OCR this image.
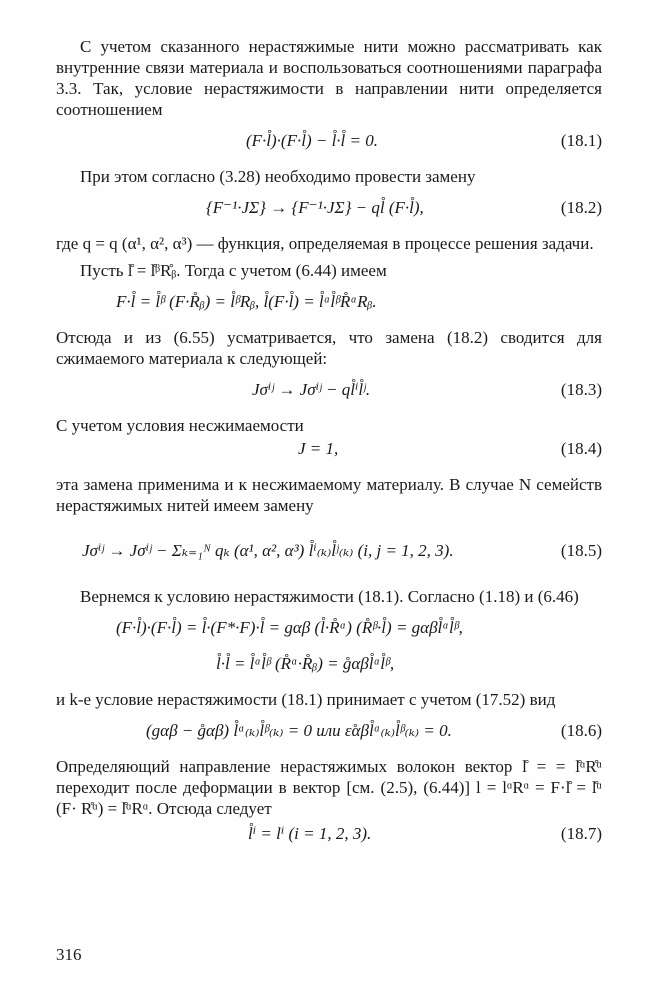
С учетом сказанного нерастяжимые нити можно рассматривать как внутренние связи материала и воспользоваться соотношениями параграфа 3.3. Так, условие нерастяжимости в направлении нити определяется соотношением

(F·l̊)·(F·l̊) − l̊·l̊ = 0.	(18.1)

При этом согласно (3.28) необходимо провести замену

{F⁻¹·JΣ} → {F⁻¹·JΣ} − ql̊ (F·l̊),	(18.2)

где q = q (α¹, α², α³) — функция, определяемая в процессе решения задачи.

Пусть l̊ = l̊ᵝR̊ᵦ. Тогда с учетом (6.44) имеем

F·l̊ = l̊ᵝ (F·R̊ᵦ) = l̊ᵝRᵦ, l̊(F·l̊) = l̊ᵅl̊ᵝR̊ᵅRᵦ.

Отсюда и из (6.55) усматривается, что замена (18.2) сводится для сжимаемого материала к следующей:

Jσⁱʲ → Jσⁱʲ − ql̊ⁱl̊ʲ.	(18.3)

С учетом условия несжимаемости

J = 1,	(18.4)

эта замена применима и к несжимаемому материалу. В случае N семейств нерастяжимых нитей имеем замену

Jσⁱʲ → Jσⁱʲ − Σₖ₌₁ᴺ qₖ (α¹, α², α³) l̊ⁱ₍ₖ₎l̊ʲ₍ₖ₎ (i, j = 1, 2, 3).	(18.5)

Вернемся к условию нерастяжимости (18.1). Согласно (1.18) и (6.46)

(F·l̊)·(F·l̊) = l̊·(F*·F)·l̊ = gαβ (l̊·R̊ᵅ) (R̊ᵝ·l̊) = gαβl̊ᵅl̊ᵝ,
l̊·l̊ = l̊ᵅl̊ᵝ (R̊ᵅ·R̊ᵦ) = g̊αβl̊ᵅl̊ᵝ,

и k-е условие нерастяжимости (18.1) принимает с учетом (17.52) вид

(gαβ − g̊αβ) l̊ᵅ₍ₖ₎l̊ᵝ₍ₖ₎ = 0 или ε̊αβl̊ᵅ₍ₖ₎l̊ᵝ₍ₖ₎ = 0.	(18.6)

Определяющий направление нерастяжимых волокон вектор l̊ = = l̊ᵅR̊ᵅ переходит после деформации в вектор [см. (2.5), (6.44)] l = lᵅRᵅ = F·l̊ = l̊ᵅ (F· R̊ᵅ) = l̊ᵅRᵅ. Отсюда следует

l̊ⁱ = lⁱ (i = 1, 2, 3).	(18.7)
316
